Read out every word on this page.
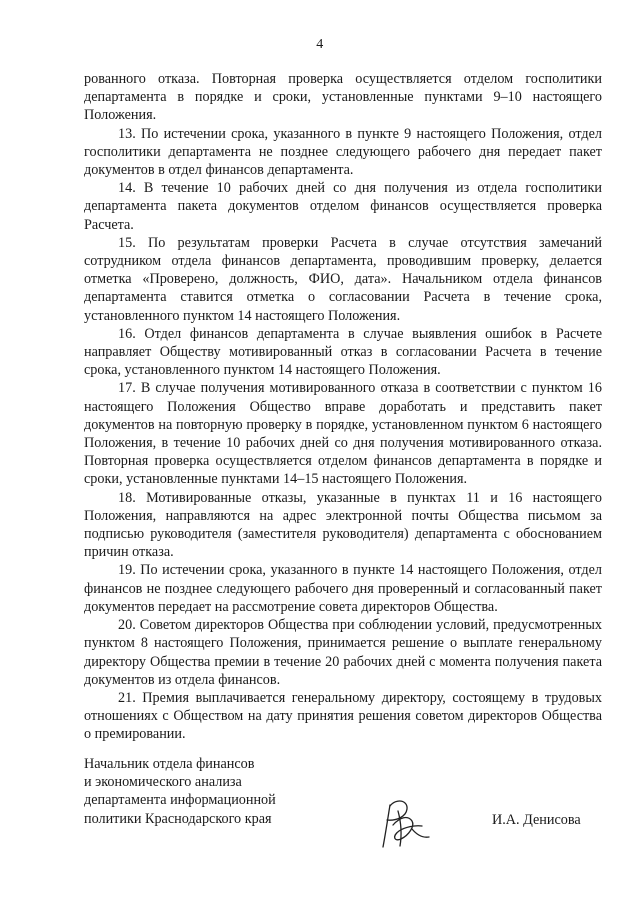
4

рованного отказа. Повторная проверка осуществляется отделом госполитики департамента в порядке и сроки, установленные пунктами 9–10 настоящего Положения.

13. По истечении срока, указанного в пункте 9 настоящего Положения, отдел госполитики департамента не позднее следующего рабочего дня передает пакет документов в отдел финансов департамента.

14. В течение 10 рабочих дней со дня получения из отдела госполитики департамента пакета документов отделом финансов осуществляется проверка Расчета.

15. По результатам проверки Расчета в случае отсутствия замечаний сотрудником отдела финансов департамента, проводившим проверку, делается отметка «Проверено, должность, ФИО, дата». Начальником отдела финансов департамента ставится отметка о согласовании Расчета в течение срока, установленного пунктом 14 настоящего Положения.

16. Отдел финансов департамента в случае выявления ошибок в Расчете направляет Обществу мотивированный отказ в согласовании Расчета в течение срока, установленного пунктом 14 настоящего Положения.

17. В случае получения мотивированного отказа в соответствии с пунктом 16 настоящего Положения Общество вправе доработать и представить пакет документов на повторную проверку в порядке, установленном пунктом 6 настоящего Положения, в течение 10 рабочих дней со дня получения мотивированного отказа. Повторная проверка осуществляется отделом финансов департамента в порядке и сроки, установленные пунктами 14–15 настоящего Положения.

18. Мотивированные отказы, указанные в пунктах 11 и 16 настоящего Положения, направляются на адрес электронной почты Общества письмом за подписью руководителя (заместителя руководителя) департамента с обоснованием причин отказа.

19. По истечении срока, указанного в пункте 14 настоящего Положения, отдел финансов не позднее следующего рабочего дня проверенный и согласованный пакет документов передает на рассмотрение совета директоров Общества.

20. Советом директоров Общества при соблюдении условий, предусмотренных пунктом 8 настоящего Положения, принимается решение о выплате генеральному директору Общества премии в течение 20 рабочих дней с момента получения пакета документов из отдела финансов.

21. Премия выплачивается генеральному директору, состоящему в трудовых отношениях с Обществом на дату принятия решения советом директоров Общества о премировании.

Начальник отдела финансов
и экономического анализа
департамента информационной
политики Краснодарского края	И.А. Денисова
